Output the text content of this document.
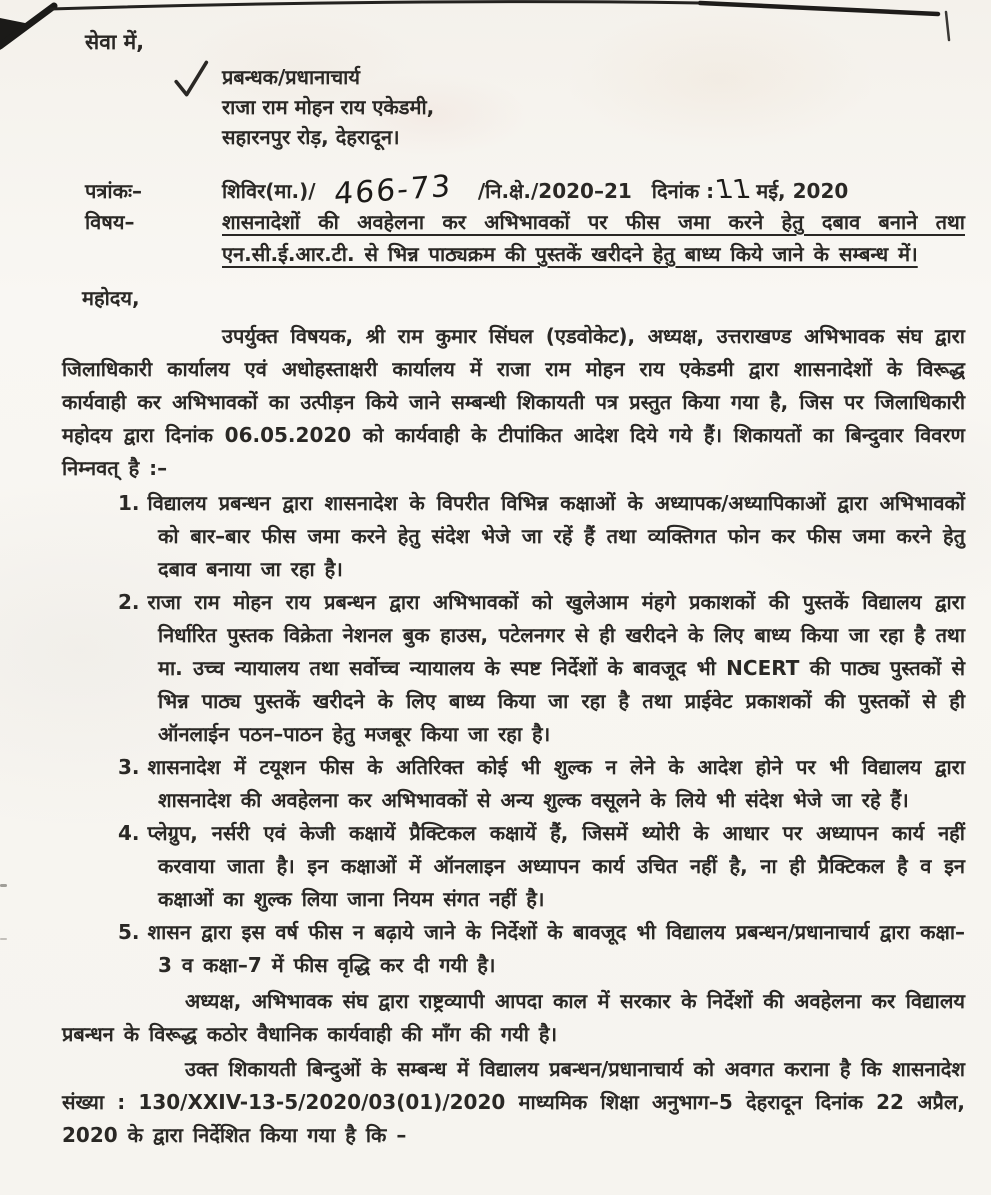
सेवा में,
प्रबन्धक/प्रधानाचार्य
राजा राम मोहन राय एकेडमी,
सहारनपुर रोड़, देहरादून।
पत्रांकः–	शिविर(मा.)/ 466-73 /नि.क्षे./2020–21 दिनांक :
11 मई, 2020
विषय–	शासनादेशों की अवहेलना कर अभिभावकों पर फीस जमा करने हेतु दबाव बनाने तथा एन.सी.ई.आर.टी. से भिन्न पाठ्यक्रम की पुस्तकें खरीदने हेतु बाध्य किये जाने के सम्बन्ध में।
महोदय,
उपर्युक्त विषयक, श्री राम कुमार सिंघल (एडवोकेट), अध्यक्ष, उत्तराखण्ड अभिभावक संघ द्वारा जिलाधिकारी कार्यालय एवं अधोहस्ताक्षरी कार्यालय में राजा राम मोहन राय एकेडमी द्वारा शासनादेशों के विरूद्ध कार्यवाही कर अभिभावकों का उत्पीड़न किये जाने सम्बन्धी शिकायती पत्र प्रस्तुत किया गया है, जिस पर जिलाधिकारी महोदय द्वारा दिनांक 06.05.2020 को कार्यवाही के टीपांकित आदेश दिये गये हैं। शिकायतों का बिन्दुवार विवरण निम्नवत् है :–
1. विद्यालय प्रबन्धन द्वारा शासनादेश के विपरीत विभिन्न कक्षाओं के अध्यापक/अध्यापिकाओं द्वारा अभिभावकों को बार–बार फीस जमा करने हेतु संदेश भेजे जा रहें हैं तथा व्यक्तिगत फोन कर फीस जमा करने हेतु दबाव बनाया जा रहा है।
2. राजा राम मोहन राय प्रबन्धन द्वारा अभिभावकों को खुलेआम मंहगे प्रकाशकों की पुस्तकें विद्यालय द्वारा निर्धारित पुस्तक विक्रेता नेशनल बुक हाउस, पटेलनगर से ही खरीदने के लिए बाध्य किया जा रहा है तथा मा. उच्च न्यायालय तथा सर्वोच्च न्यायालय के स्पष्ट निर्देशों के बावजूद भी NCERT की पाठ्य पुस्तकों से भिन्न पाठ्य पुस्तकें खरीदने के लिए बाध्य किया जा रहा है तथा प्राईवेट प्रकाशकों की पुस्तकों से ही ऑनलाईन पठन–पाठन हेतु मजबूर किया जा रहा है।
3. शासनादेश में टयूशन फीस के अतिरिक्त कोई भी शुल्क न लेने के आदेश होने पर भी विद्यालय द्वारा शासनादेश की अवहेलना कर अभिभावकों से अन्य शुल्क वसूलने के लिये भी संदेश भेजे जा रहे हैं।
4. प्लेग्रुप, नर्सरी एवं केजी कक्षायें प्रैक्टिकल कक्षायें हैं, जिसमें थ्योरी के आधार पर अध्यापन कार्य नहीं करवाया जाता है। इन कक्षाओं में ऑनलाइन अध्यापन कार्य उचित नहीं है, ना ही प्रैक्टिकल है व इन कक्षाओं का शुल्क लिया जाना नियम संगत नहीं है।
5. शासन द्वारा इस वर्ष फीस न बढ़ाये जाने के निर्देशों के बावजूद भी विद्यालय प्रबन्धन/प्रधानाचार्य द्वारा कक्षा–3 व कक्षा–7 में फीस वृद्धि कर दी गयी है।
अध्यक्ष, अभिभावक संघ द्वारा राष्ट्रव्यापी आपदा काल में सरकार के निर्देशों की अवहेलना कर विद्यालय प्रबन्धन के विरूद्ध कठोर वैधानिक कार्यवाही की माँग की गयी है।
उक्त शिकायती बिन्दुओं के सम्बन्ध में विद्यालय प्रबन्धन/प्रधानाचार्य को अवगत कराना है कि शासनादेश संख्या : 130/XXIV-13-5/2020/03(01)/2020 माध्यमिक शिक्षा अनुभाग–5 देहरादून दिनांक 22 अप्रैल, 2020 के द्वारा निर्देशित किया गया है कि –
